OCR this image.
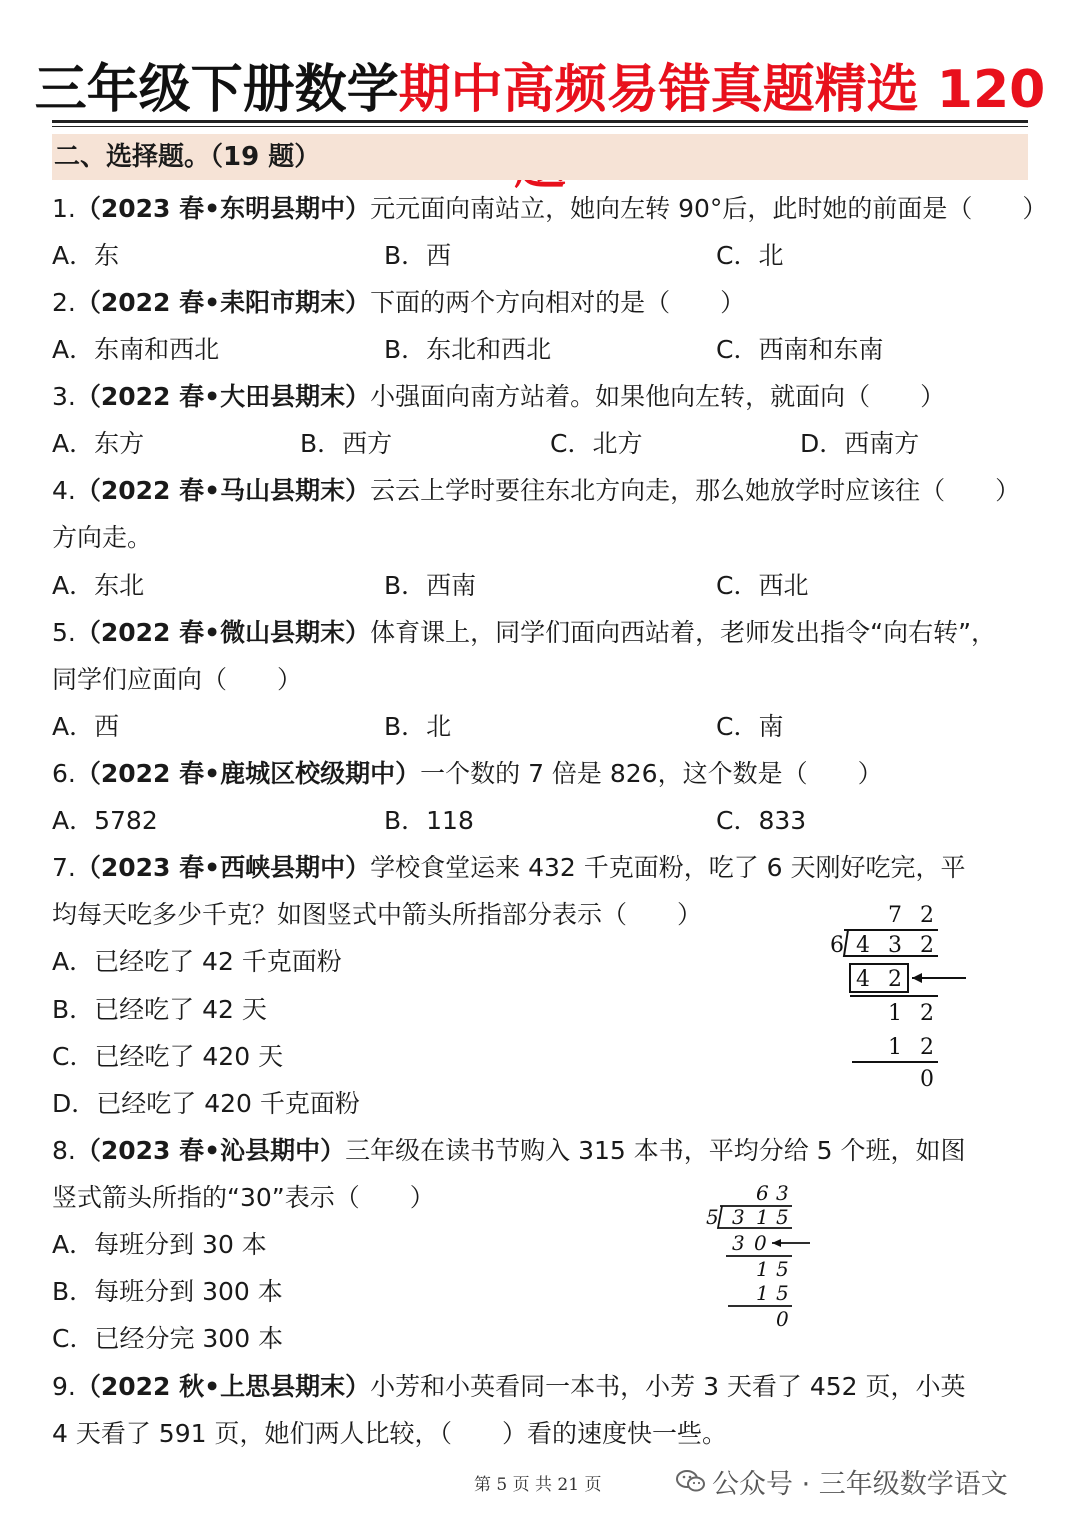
三年级下册数学期中高频易错真题精选 120
二、选择题。（19 题）
1.（2023 春•东明县期中）元元面向南站立，她向左转 90°后，此时她的前面是（　　）
A．东	B．西	C．北
2.（2022 春•耒阳市期末）下面的两个方向相对的是（　　）
A．东南和西北	B．东北和西北	C．西南和东南
3.（2022 春•大田县期末）小强面向南方站着。如果他向左转，就面向（　　）
A．东方	B．西方	C．北方	D．西南方
4.（2022 春•马山县期末）云云上学时要往东北方向走，那么她放学时应该往（　　）
方向走。
A．东北	B．西南	C．西北
5.（2022 春•微山县期末）体育课上，同学们面向西站着，老师发出指令“向右转”，
同学们应面向（　　）
A．西	B．北	C．南
6.（2022 春•鹿城区校级期中）一个数的 7 倍是 826，这个数是（　　）
A．5782	B．118	C．833
7.（2023 春•西峡县期中）学校食堂运来 432 千克面粉，吃了 6 天刚好吃完，平
均每天吃多少千克？如图竖式中箭头所指部分表示（　　）
A．已经吃了 42 千克面粉
B．已经吃了 42 天
C．已经吃了 420 天
D．已经吃了 420 千克面粉
7 2
6 4 3 2
4 2
1 2
1 2
0
8.（2023 春•沁县期中）三年级在读书节购入 315 本书，平均分给 5 个班，如图
竖式箭头所指的“30”表示（　　）
A．每班分到 30 本
B．每班分到 300 本
C．已经分完 300 本
6 3
5 3 1 5
3 0
1 5
1 5
0
9.（2022 秋•上思县期末）小芳和小英看同一本书，小芳 3 天看了 452 页，小英
4 天看了 591 页，她们两人比较，（　　）看的速度快一些。
第 5 页 共 21 页	公众号 · 三年级数学语文
